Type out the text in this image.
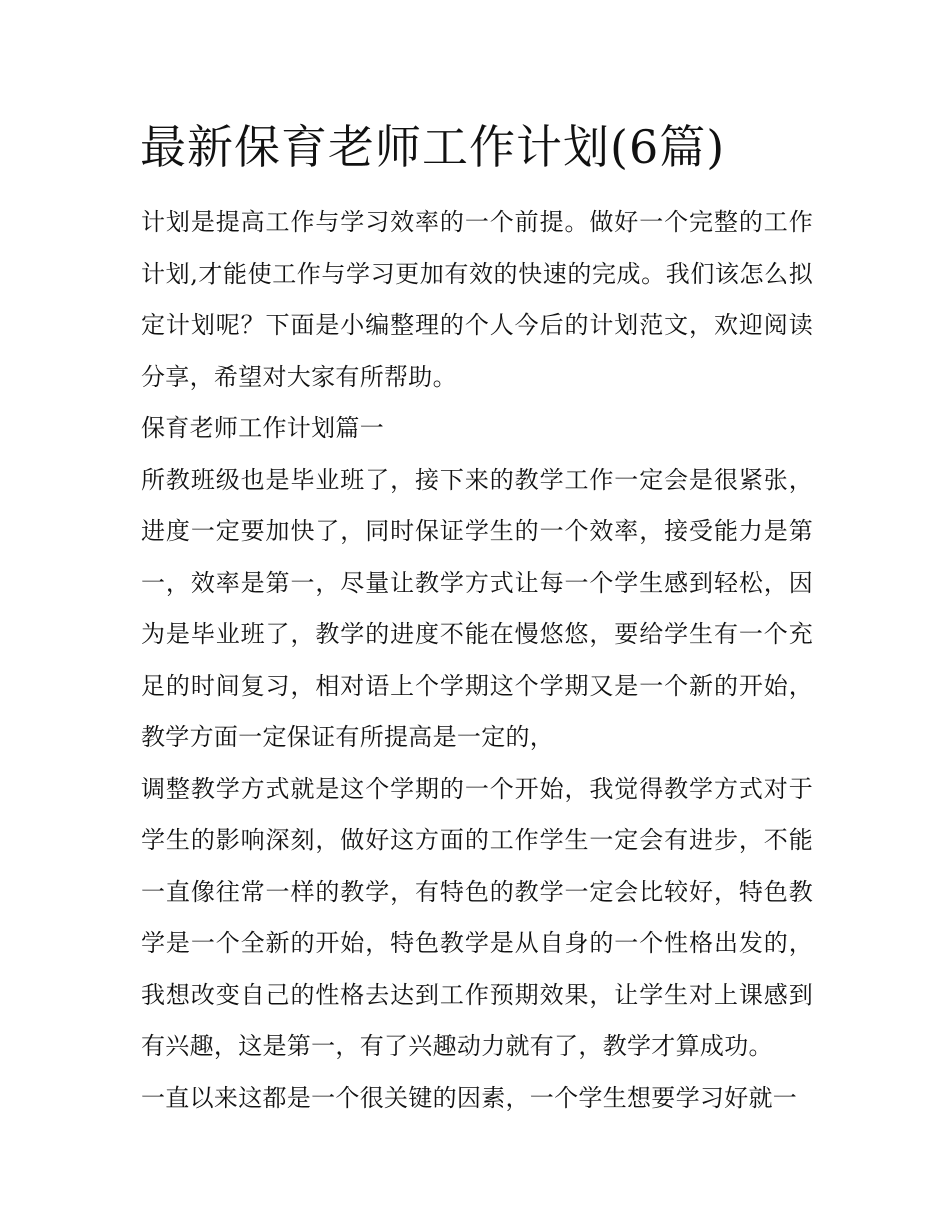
最新保育老师工作计划(6篇)

计划是提高工作与学习效率的一个前提。做好一个完整的工作计划,才能使工作与学习更加有效的快速的完成。我们该怎么拟定计划呢？下面是小编整理的个人今后的计划范文，欢迎阅读分享，希望对大家有所帮助。

保育老师工作计划篇一

所教班级也是毕业班了，接下来的教学工作一定会是很紧张，进度一定要加快了，同时保证学生的一个效率，接受能力是第一，效率是第一，尽量让教学方式让每一个学生感到轻松，因为是毕业班了，教学的进度不能在慢悠悠，要给学生有一个充足的时间复习，相对语上个学期这个学期又是一个新的开始，教学方面一定保证有所提高是一定的，

调整教学方式就是这个学期的一个开始，我觉得教学方式对于学生的影响深刻，做好这方面的工作学生一定会有进步，不能一直像往常一样的教学，有特色的教学一定会比较好，特色教学是一个全新的开始，特色教学是从自身的一个性格出发的，我想改变自己的性格去达到工作预期效果，让学生对上课感到有兴趣，这是第一，有了兴趣动力就有了，教学才算成功。

一直以来这都是一个很关键的因素，一个学生想要学习好就一
